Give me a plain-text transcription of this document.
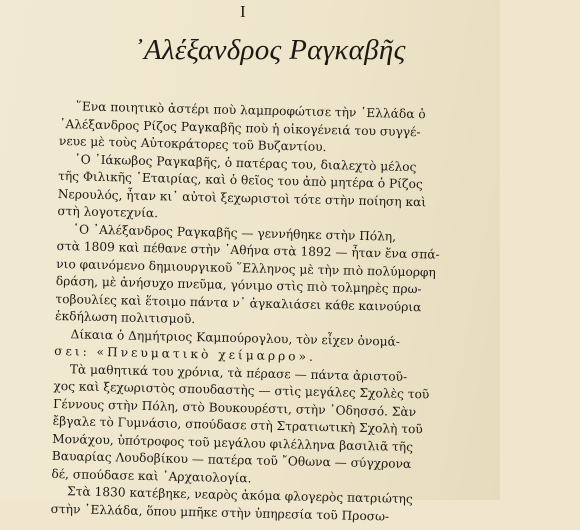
I
᾿Αλέξανδρος Ραγκαβῆς

῞Ενα ποιητικὸ ἀστέρι ποὺ λαμπροφώτισε τὴν ῾Ελλάδα ὁ
᾿Αλέξανδρος Ρίζος Ραγκαβῆς ποὺ ἡ οἰκογένειά του συγγέ-
νευε μὲ τοὺς Αὐτοκράτορες τοῦ Βυζαντίου.

῾Ο ᾿Ιάκωβος Ραγκαβῆς, ὁ πατέρας του, διαλεχτὸ μέλος
τῆς Φιλικῆς ῾Εταιρίας, καὶ ὁ θεῖος του ἀπὸ μητέρα ὁ Ρίζος
Νερουλός, ἦταν κι᾿ αὐτοὶ ξεχωριστοὶ τότε στὴν ποίηση καὶ
στὴ λογοτεχνία.

῾Ο ᾿Αλέξανδρος Ραγκαβῆς — γεννήθηκε στὴν Πόλη,
στὰ 1809 καὶ πέθανε στὴν ᾿Αθήνα στὰ 1892 — ἦταν ἕνα σπά-
νιο φαινόμενο δημιουργικοῦ ῞Ελληνος μὲ τὴν πιὸ πολύμορφη
δράση, μὲ ἀνήσυχο πνεῦμα, γόνιμο στὶς πιὸ τολμηρὲς πρω-
τοβουλίες καὶ ἕτοιμο πάντα ν᾿ ἀγκαλιάσει κάθε καινούρια
ἐκδήλωση πολιτισμοῦ.

Δίκαια ὁ Δημήτριος Καμπούρογλου, τὸν εἶχεν ὀνομά-
σει: «Πνευματικὸ χείμαρρο».

Τὰ μαθητικά του χρόνια, τὰ πέρασε — πάντα ἀριστοῦ-
χος καὶ ξεχωριστὸς σπουδαστὴς — στὶς μεγάλες Σχολὲς τοῦ
Γέννους στὴν Πόλη, στὸ Βουκουρέστι, στὴν ᾿Οδησσό. Σὰν
ἔβγαλε τὸ Γυμνάσιο, σπούδασε στὴ Στρατιωτικὴ Σχολὴ τοῦ
Μονάχου, ὑπότροφος τοῦ μεγάλου φιλέλληνα βασιλιᾶ τῆς
Βαυαρίας Λουδοβίκου — πατέρα τοῦ ῎Οθωνα — σύγχρονα
δέ, σπούδασε καὶ ᾿Αρχαιολογία.

Στὰ 1830 κατέβηκε, νεαρὸς ἀκόμα φλογερὸς πατριώτης
στὴν ῾Ελλάδα, ὅπου μπῆκε στὴν ὑπηρεσία τοῦ Προσω-
